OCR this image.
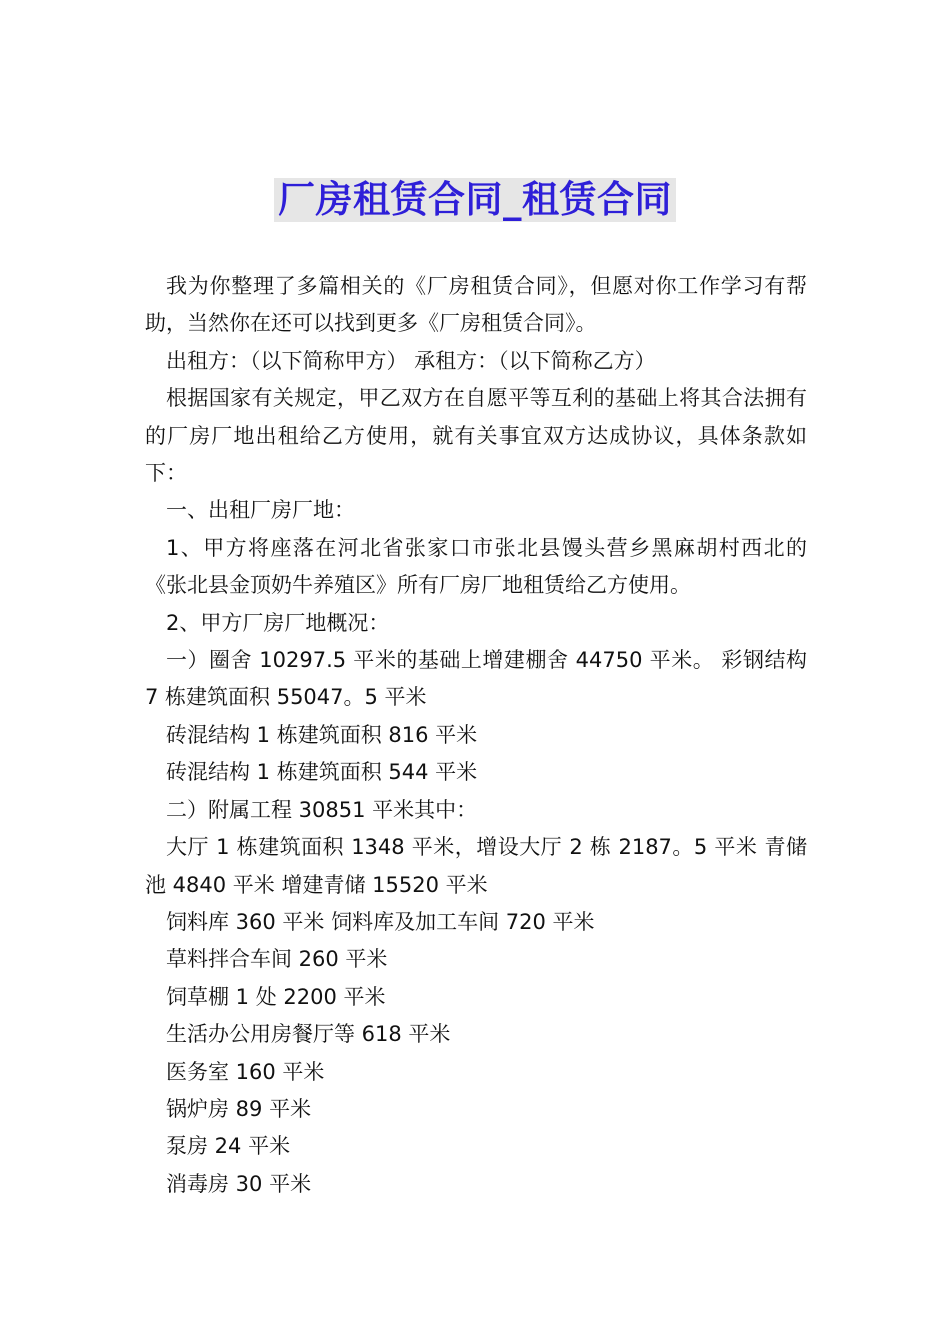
厂房租赁合同_租赁合同

我为你整理了多篇相关的《厂房租赁合同》，但愿对你工作学习有帮助，当然你在还可以找到更多《厂房租赁合同》。

出租方：（以下简称甲方） 承租方：（以下简称乙方）

根据国家有关规定，甲乙双方在自愿平等互利的基础上将其合法拥有的厂房厂地出租给乙方使用，就有关事宜双方达成协议，具体条款如下：

一、出租厂房厂地：

1、甲方将座落在河北省张家口市张北县馒头营乡黑麻胡村西北的《张北县金顶奶牛养殖区》所有厂房厂地租赁给乙方使用。

2、甲方厂房厂地概况：

一）圈舍 10297.5 平米的基础上增建棚舍 44750 平米。 彩钢结构 7 栋建筑面积 55047。5 平米

砖混结构 1 栋建筑面积 816 平米

砖混结构 1 栋建筑面积 544 平米

二）附属工程 30851 平米其中：

大厅 1 栋建筑面积 1348 平米，增设大厅 2 栋 2187。5 平米 青储池 4840 平米 增建青储 15520 平米

饲料库 360 平米 饲料库及加工车间 720 平米

草料拌合车间 260 平米

饲草棚 1 处 2200 平米

生活办公用房餐厅等 618 平米

医务室 160 平米

锅炉房 89 平米

泵房 24 平米

消毒房 30 平米
